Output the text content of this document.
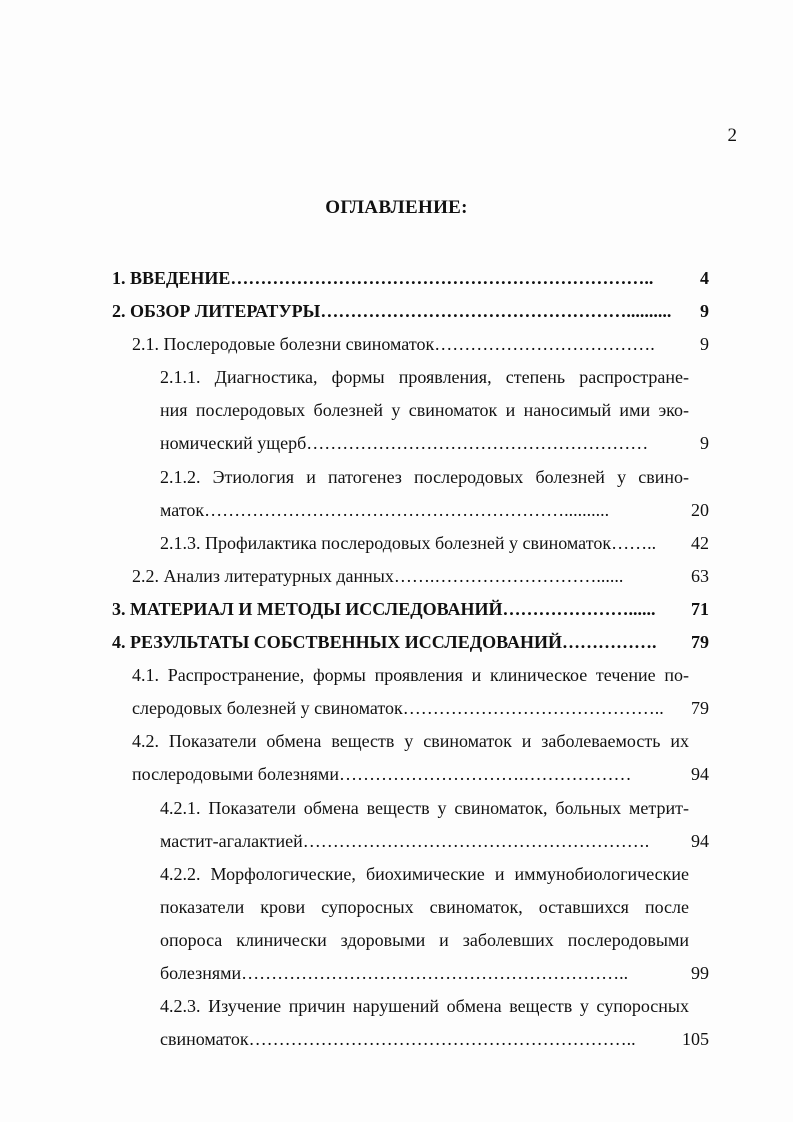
2
ОГЛАВЛЕНИЕ:
1. ВВЕДЕНИЕ……………………………………………………………..	4
2. ОБЗОР ЛИТЕРАТУРЫ…………………………………………….......... 9
2.1. Послеродовые болезни свиноматок……………………………….	9
2.1.1. Диагностика, формы проявления, степень распростране-
ния послеродовых болезней у свиноматок и наносимый ими эко-
номический ущерб…………………………………………………	9
2.1.2. Этиология и патогенез послеродовых болезней у свино-
маток……………………………………………………..........	20
2.1.3. Профилактика послеродовых болезней у свиноматок…….. 42
2.2. Анализ литературных данных…….………………………......	63
3. МАТЕРИАЛ И МЕТОДЫ ИССЛЕДОВАНИЙ…………………...... 71
4. РЕЗУЛЬТАТЫ СОБСТВЕННЫХ ИССЛЕДОВАНИЙ……………. 79
4.1. Распространение, формы проявления и клиническое течение по-
слеродовых болезней у свиноматок…………………………………….. 79
4.2. Показатели обмена веществ у свиноматок и заболеваемость их
послеродовыми болезнями………………………….………………	94
4.2.1. Показатели обмена веществ у свиноматок, больных метрит-
мастит-агалактией…………………………………………………. 94
4.2.2. Морфологические, биохимические и иммунобиологические
показатели крови супоросных свиноматок, оставшихся после
опороса клинически здоровыми и заболевших послеродовыми
болезнями………………………………………………………..	99
4.2.3. Изучение причин нарушений обмена веществ у супоросных
свиноматок………………………………………………………..	105
